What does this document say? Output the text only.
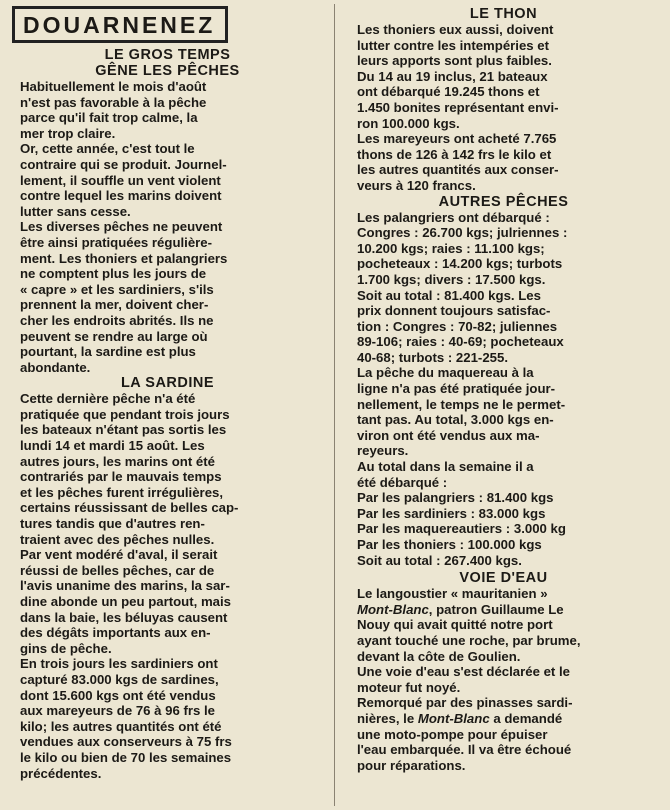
DOUARNENEZ
LE GROS TEMPS
GÊNE LES PÊCHES

Habituellement le mois d'août
n'est pas favorable à la pêche
parce qu'il fait trop calme, la
mer trop claire.

Or, cette année, c'est tout le
contraire qui se produit. Journel-
lement, il souffle un vent violent
contre lequel les marins doivent
lutter sans cesse.

Les diverses pêches ne peuvent
être ainsi pratiquées régulière-
ment. Les thoniers et palangriers
ne comptent plus les jours de
« capre » et les sardiniers, s'ils
prennent la mer, doivent cher-
cher les endroits abrités. Ils ne
peuvent se rendre au large où
pourtant, la sardine est plus
abondante.

LA SARDINE

Cette dernière pêche n'a été
pratiquée que pendant trois jours
les bateaux n'étant pas sortis les
lundi 14 et mardi 15 août. Les
autres jours, les marins ont été
contrariés par le mauvais temps
et les pêches furent irrégulières,
certains réussissant de belles cap-
tures tandis que d'autres ren-
traient avec des pêches nulles.
Par vent modéré d'aval, il serait
réussi de belles pêches, car de
l'avis unanime des marins, la sar-
dine abonde un peu partout, mais
dans la baie, les béluyas causent
des dégâts importants aux en-
gins de pêche.

En trois jours les sardiniers ont
capturé 83.000 kgs de sardines,
dont 15.600 kgs ont été vendus
aux mareyeurs de 76 à 96 frs le
kilo; les autres quantités ont été
vendues aux conserveurs à 75 frs
le kilo ou bien de 70 les semaines
précédentes.

LE THON

Les thoniers eux aussi, doivent
lutter contre les intempéries et
leurs apports sont plus faibles.
Du 14 au 19 inclus, 21 bateaux
ont débarqué 19.245 thons et
1.450 bonites représentant envi-
ron 100.000 kgs.

Les mareyeurs ont acheté 7.765
thons de 126 à 142 frs le kilo et
les autres quantités aux conser-
veurs à 120 francs.

AUTRES PÊCHES

Les palangriers ont débarqué :
Congres : 26.700 kgs; julriennes :
10.200 kgs; raies : 11.100 kgs;
pocheteaux : 14.200 kgs; turbots
1.700 kgs; divers : 17.500 kgs.

Soit au total : 81.400 kgs. Les
prix donnent toujours satisfac-
tion : Congres : 70-82; juliennes
89-106; raies : 40-69; pocheteaux
40-68; turbots : 221-255.

La pêche du maquereau à la
ligne n'a pas été pratiquée jour-
nellement, le temps ne le permet-
tant pas. Au total, 3.000 kgs en-
viron ont été vendus aux ma-
reyeurs.

Au total dans la semaine il a
été débarqué :

Par les palangriers : 81.400 kgs

Par les sardiniers : 83.000 kgs

Par les maquereautiers : 3.000 kg

Par les thoniers : 100.000 kgs

Soit au total : 267.400 kgs.

VOIE D'EAU

Le langoustier « mauritanien »
Mont-Blanc, patron Guillaume Le
Nouy qui avait quitté notre port
ayant touché une roche, par brume,
devant la côte de Goulien.
Une voie d'eau s'est déclarée et le
moteur fut noyé.

Remorqué par des pinasses sardi-
nières, le Mont-Blanc a demandé
une moto-pompe pour épuiser
l'eau embarquée. Il va être échoué
pour réparations.
